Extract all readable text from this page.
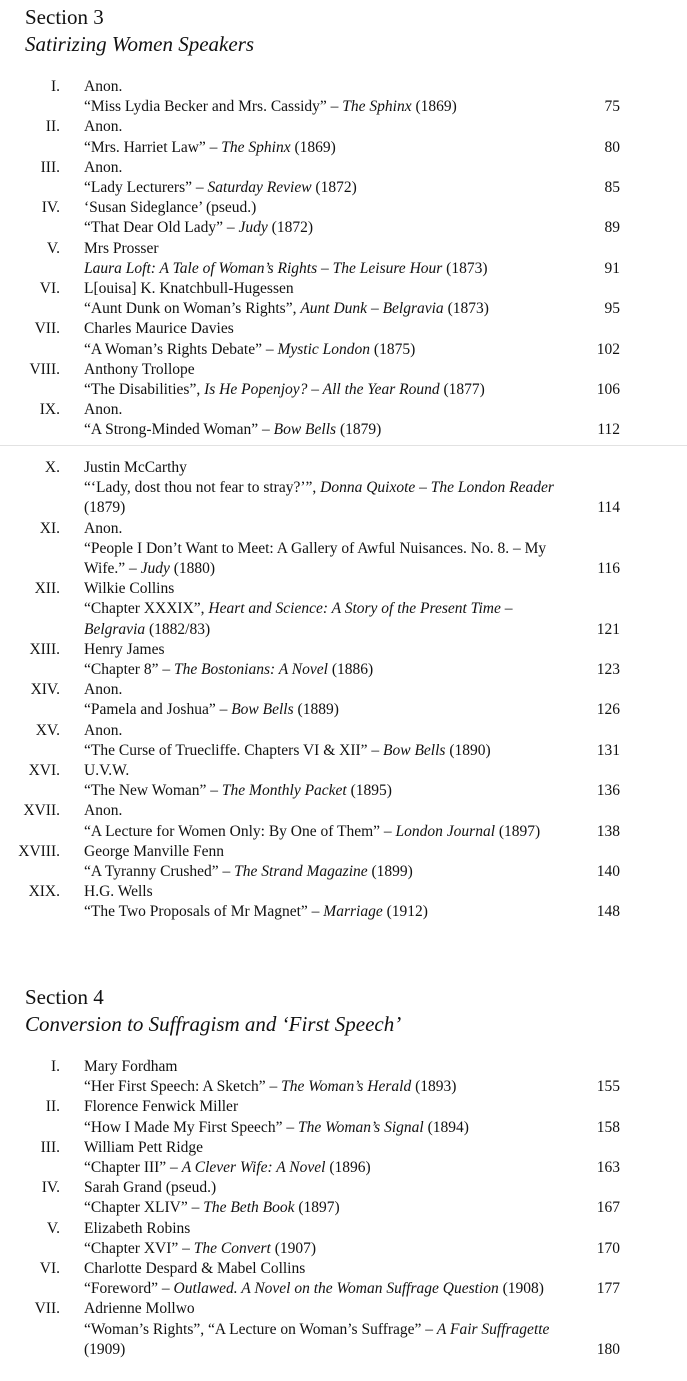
Section 3
Satirizing Women Speakers
I. Anon.
“Miss Lydia Becker and Mrs. Cassidy” – The Sphinx (1869)	75
II. Anon.
“Mrs. Harriet Law” – The Sphinx (1869)	80
III. Anon.
“Lady Lecturers” – Saturday Review (1872)	85
IV. ‘Susan Sideglance’ (pseud.)
“That Dear Old Lady” – Judy (1872)	89
V. Mrs Prosser
Laura Loft: A Tale of Woman’s Rights – The Leisure Hour (1873)	91
VI. L[ouisa] K. Knatchbull-Hugessen
“Aunt Dunk on Woman’s Rights”, Aunt Dunk – Belgravia (1873)	95
VII. Charles Maurice Davies
“A Woman’s Rights Debate” – Mystic London (1875)	102
VIII. Anthony Trollope
“The Disabilities”, Is He Popenjoy? – All the Year Round (1877)	106
IX. Anon.
“A Strong-Minded Woman” – Bow Bells (1879)	112
X. Justin McCarthy
“‘Lady, dost thou not fear to stray?’”, Donna Quixote – The London Reader (1879)	114
XI. Anon.
“People I Don’t Want to Meet: A Gallery of Awful Nuisances. No. 8. – My Wife.” – Judy (1880)	116
XII. Wilkie Collins
“Chapter XXXIX”, Heart and Science: A Story of the Present Time – Belgravia (1882/83)	121
XIII. Henry James
“Chapter 8” – The Bostonians: A Novel (1886)	123
XIV. Anon.
“Pamela and Joshua” – Bow Bells (1889)	126
XV. Anon.
“The Curse of Truecliffe. Chapters VI & XII” – Bow Bells (1890)	131
XVI. U.V.W.
“The New Woman” – The Monthly Packet (1895)	136
XVII. Anon.
“A Lecture for Women Only: By One of Them” – London Journal (1897)	138
XVIII. George Manville Fenn
“A Tyranny Crushed” – The Strand Magazine (1899)	140
XIX. H.G. Wells
“The Two Proposals of Mr Magnet” – Marriage (1912)	148
Section 4
Conversion to Suffragism and ‘First Speech’
I. Mary Fordham
“Her First Speech: A Sketch” – The Woman’s Herald (1893)	155
II. Florence Fenwick Miller
“How I Made My First Speech” – The Woman’s Signal (1894)	158
III. William Pett Ridge
“Chapter III” – A Clever Wife: A Novel (1896)	163
IV. Sarah Grand (pseud.)
“Chapter XLIV” – The Beth Book (1897)	167
V. Elizabeth Robins
“Chapter XVI” – The Convert (1907)	170
VI. Charlotte Despard & Mabel Collins
“Foreword” – Outlawed. A Novel on the Woman Suffrage Question (1908)	177
VII. Adrienne Mollwo
“Woman’s Rights”, “A Lecture on Woman’s Suffrage” – A Fair Suffragette (1909)	180
